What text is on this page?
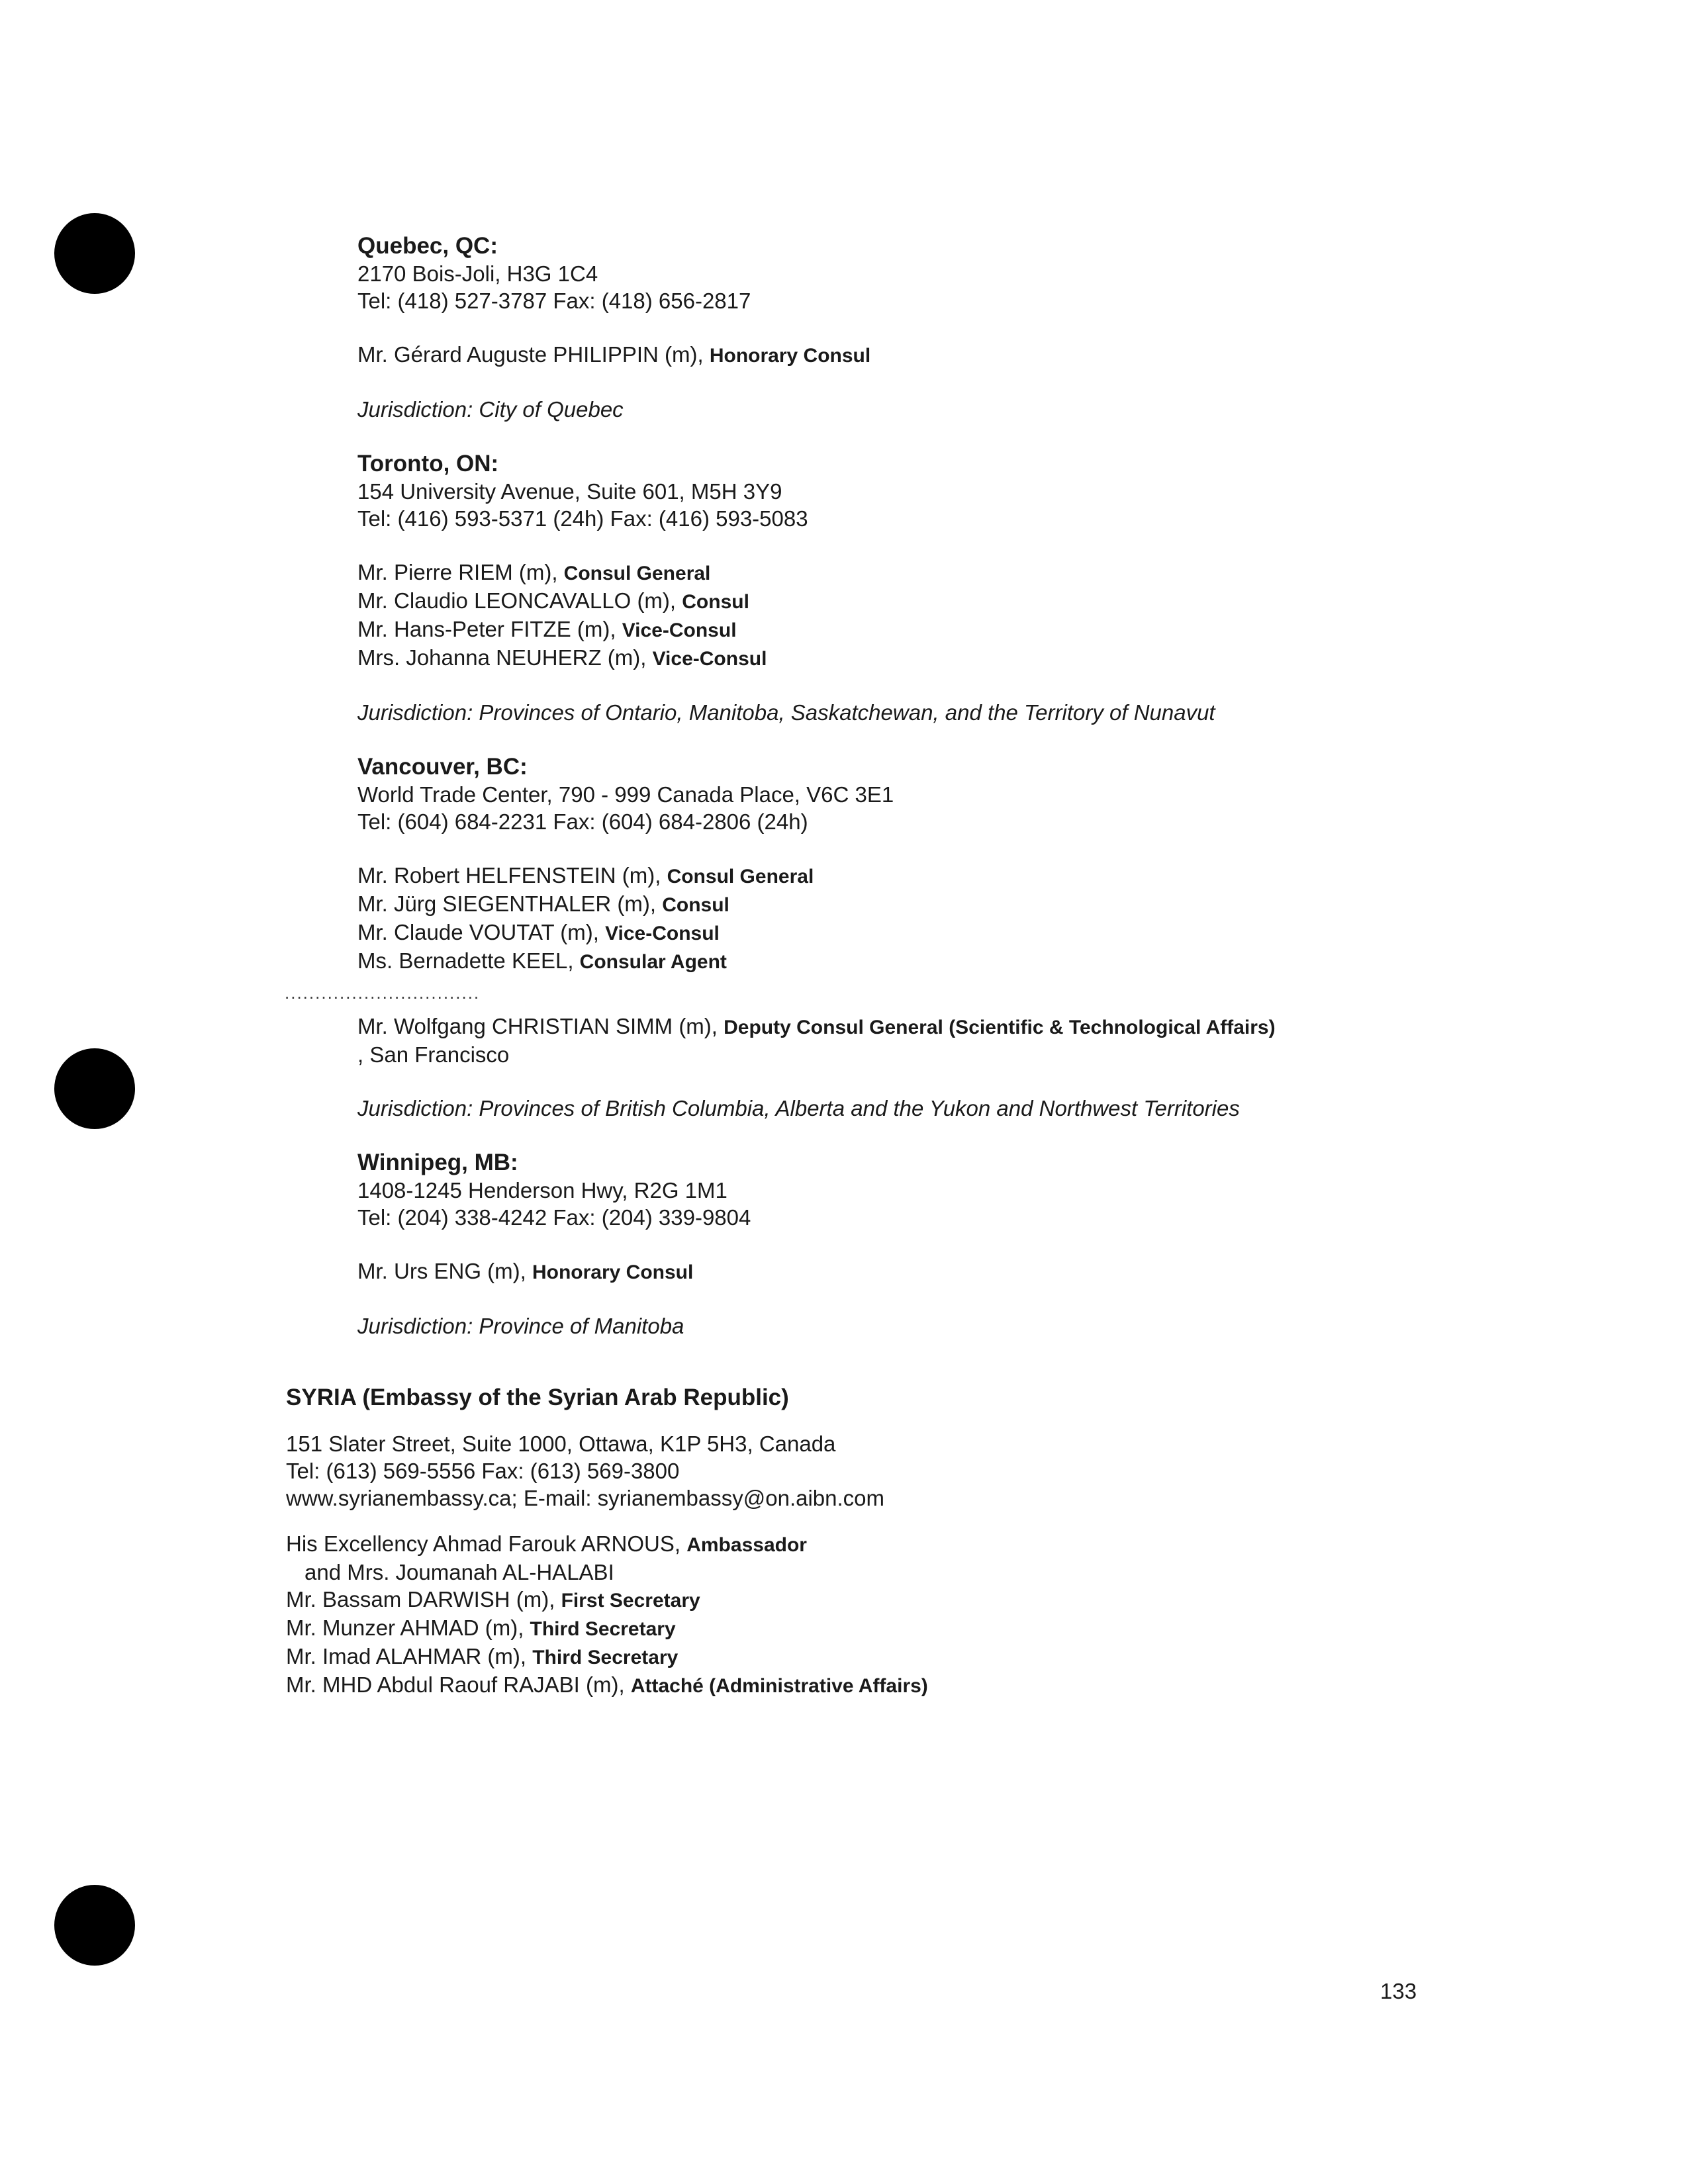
Quebec, QC:
2170 Bois-Joli, H3G 1C4
Tel: (418) 527-3787 Fax: (418) 656-2817
Mr. Gérard Auguste PHILIPPIN (m), Honorary Consul
Jurisdiction: City of Quebec
Toronto, ON:
154 University Avenue, Suite 601, M5H 3Y9
Tel: (416) 593-5371 (24h) Fax: (416) 593-5083
Mr. Pierre RIEM (m), Consul General
Mr. Claudio LEONCAVALLO (m), Consul
Mr. Hans-Peter FITZE (m), Vice-Consul
Mrs. Johanna NEUHERZ (m), Vice-Consul
Jurisdiction: Provinces of Ontario, Manitoba, Saskatchewan, and the Territory of Nunavut
Vancouver, BC:
World Trade Center, 790 - 999 Canada Place, V6C 3E1
Tel: (604) 684-2231 Fax: (604) 684-2806 (24h)
Mr. Robert HELFENSTEIN (m), Consul General
Mr. Jürg SIEGENTHALER (m), Consul
Mr. Claude VOUTAT (m), Vice-Consul
Ms. Bernadette KEEL, Consular Agent
Mr. Wolfgang CHRISTIAN SIMM (m), Deputy Consul General (Scientific & Technological Affairs)
, San Francisco
Jurisdiction: Provinces of British Columbia, Alberta and the Yukon and Northwest Territories
Winnipeg, MB:
1408-1245 Henderson Hwy, R2G 1M1
Tel: (204) 338-4242 Fax: (204) 339-9804
Mr. Urs ENG (m), Honorary Consul
Jurisdiction: Province of Manitoba
................................
SYRIA (Embassy of the Syrian Arab Republic)
151 Slater Street, Suite 1000, Ottawa, K1P 5H3, Canada
Tel: (613) 569-5556 Fax: (613) 569-3800
www.syrianembassy.ca; E-mail: syrianembassy@on.aibn.com
His Excellency Ahmad Farouk ARNOUS, Ambassador
and Mrs. Joumanah AL-HALABI
Mr. Bassam DARWISH (m), First Secretary
Mr. Munzer AHMAD (m), Third Secretary
Mr. Imad ALAHMAR (m), Third Secretary
Mr. MHD Abdul Raouf RAJABI (m), Attaché (Administrative Affairs)
133
